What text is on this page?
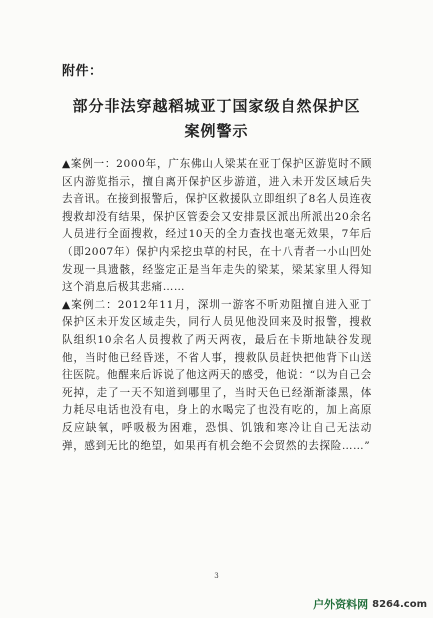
附件：
部分非法穿越稻城亚丁国家级自然保护区
案例警示

▲案例一：2000年，广东佛山人梁某在亚丁保护区游览时不顾区内游览指示，擅自离开保护区步游道，进入未开发区域后失去音讯。在接到报警后，保护区救援队立即组织了8名人员连夜搜救却没有结果，保护区管委会又安排景区派出所派出20余名人员进行全面搜救，经过10天的全力查找也毫无效果，7年后（即2007年）保护内采挖虫草的村民，在十八青者一小山凹处发现一具遗骸，经鉴定正是当年走失的梁某，梁某家里人得知这个消息后极其悲痛……

▲案例二：2012年11月，深圳一游客不听劝阻擅自进入亚丁保护区未开发区域走失，同行人员见他没回来及时报警，搜救队组织10余名人员搜救了两天两夜，最后在卡斯地缺谷发现他，当时他已经昏迷，不省人事，搜救队员赶快把他背下山送往医院。他醒来后诉说了他这两天的感受，他说：“以为自己会死掉，走了一天不知道到哪里了，当时天色已经渐渐漆黑，体力耗尽电话也没有电，身上的水喝完了也没有吃的，加上高原反应缺氧，呼吸极为困难，恐惧、饥饿和寒冷让自己无法动弹，感到无比的绝望，如果再有机会绝不会贸然的去探险……”

3
户外资料网 8264.com
